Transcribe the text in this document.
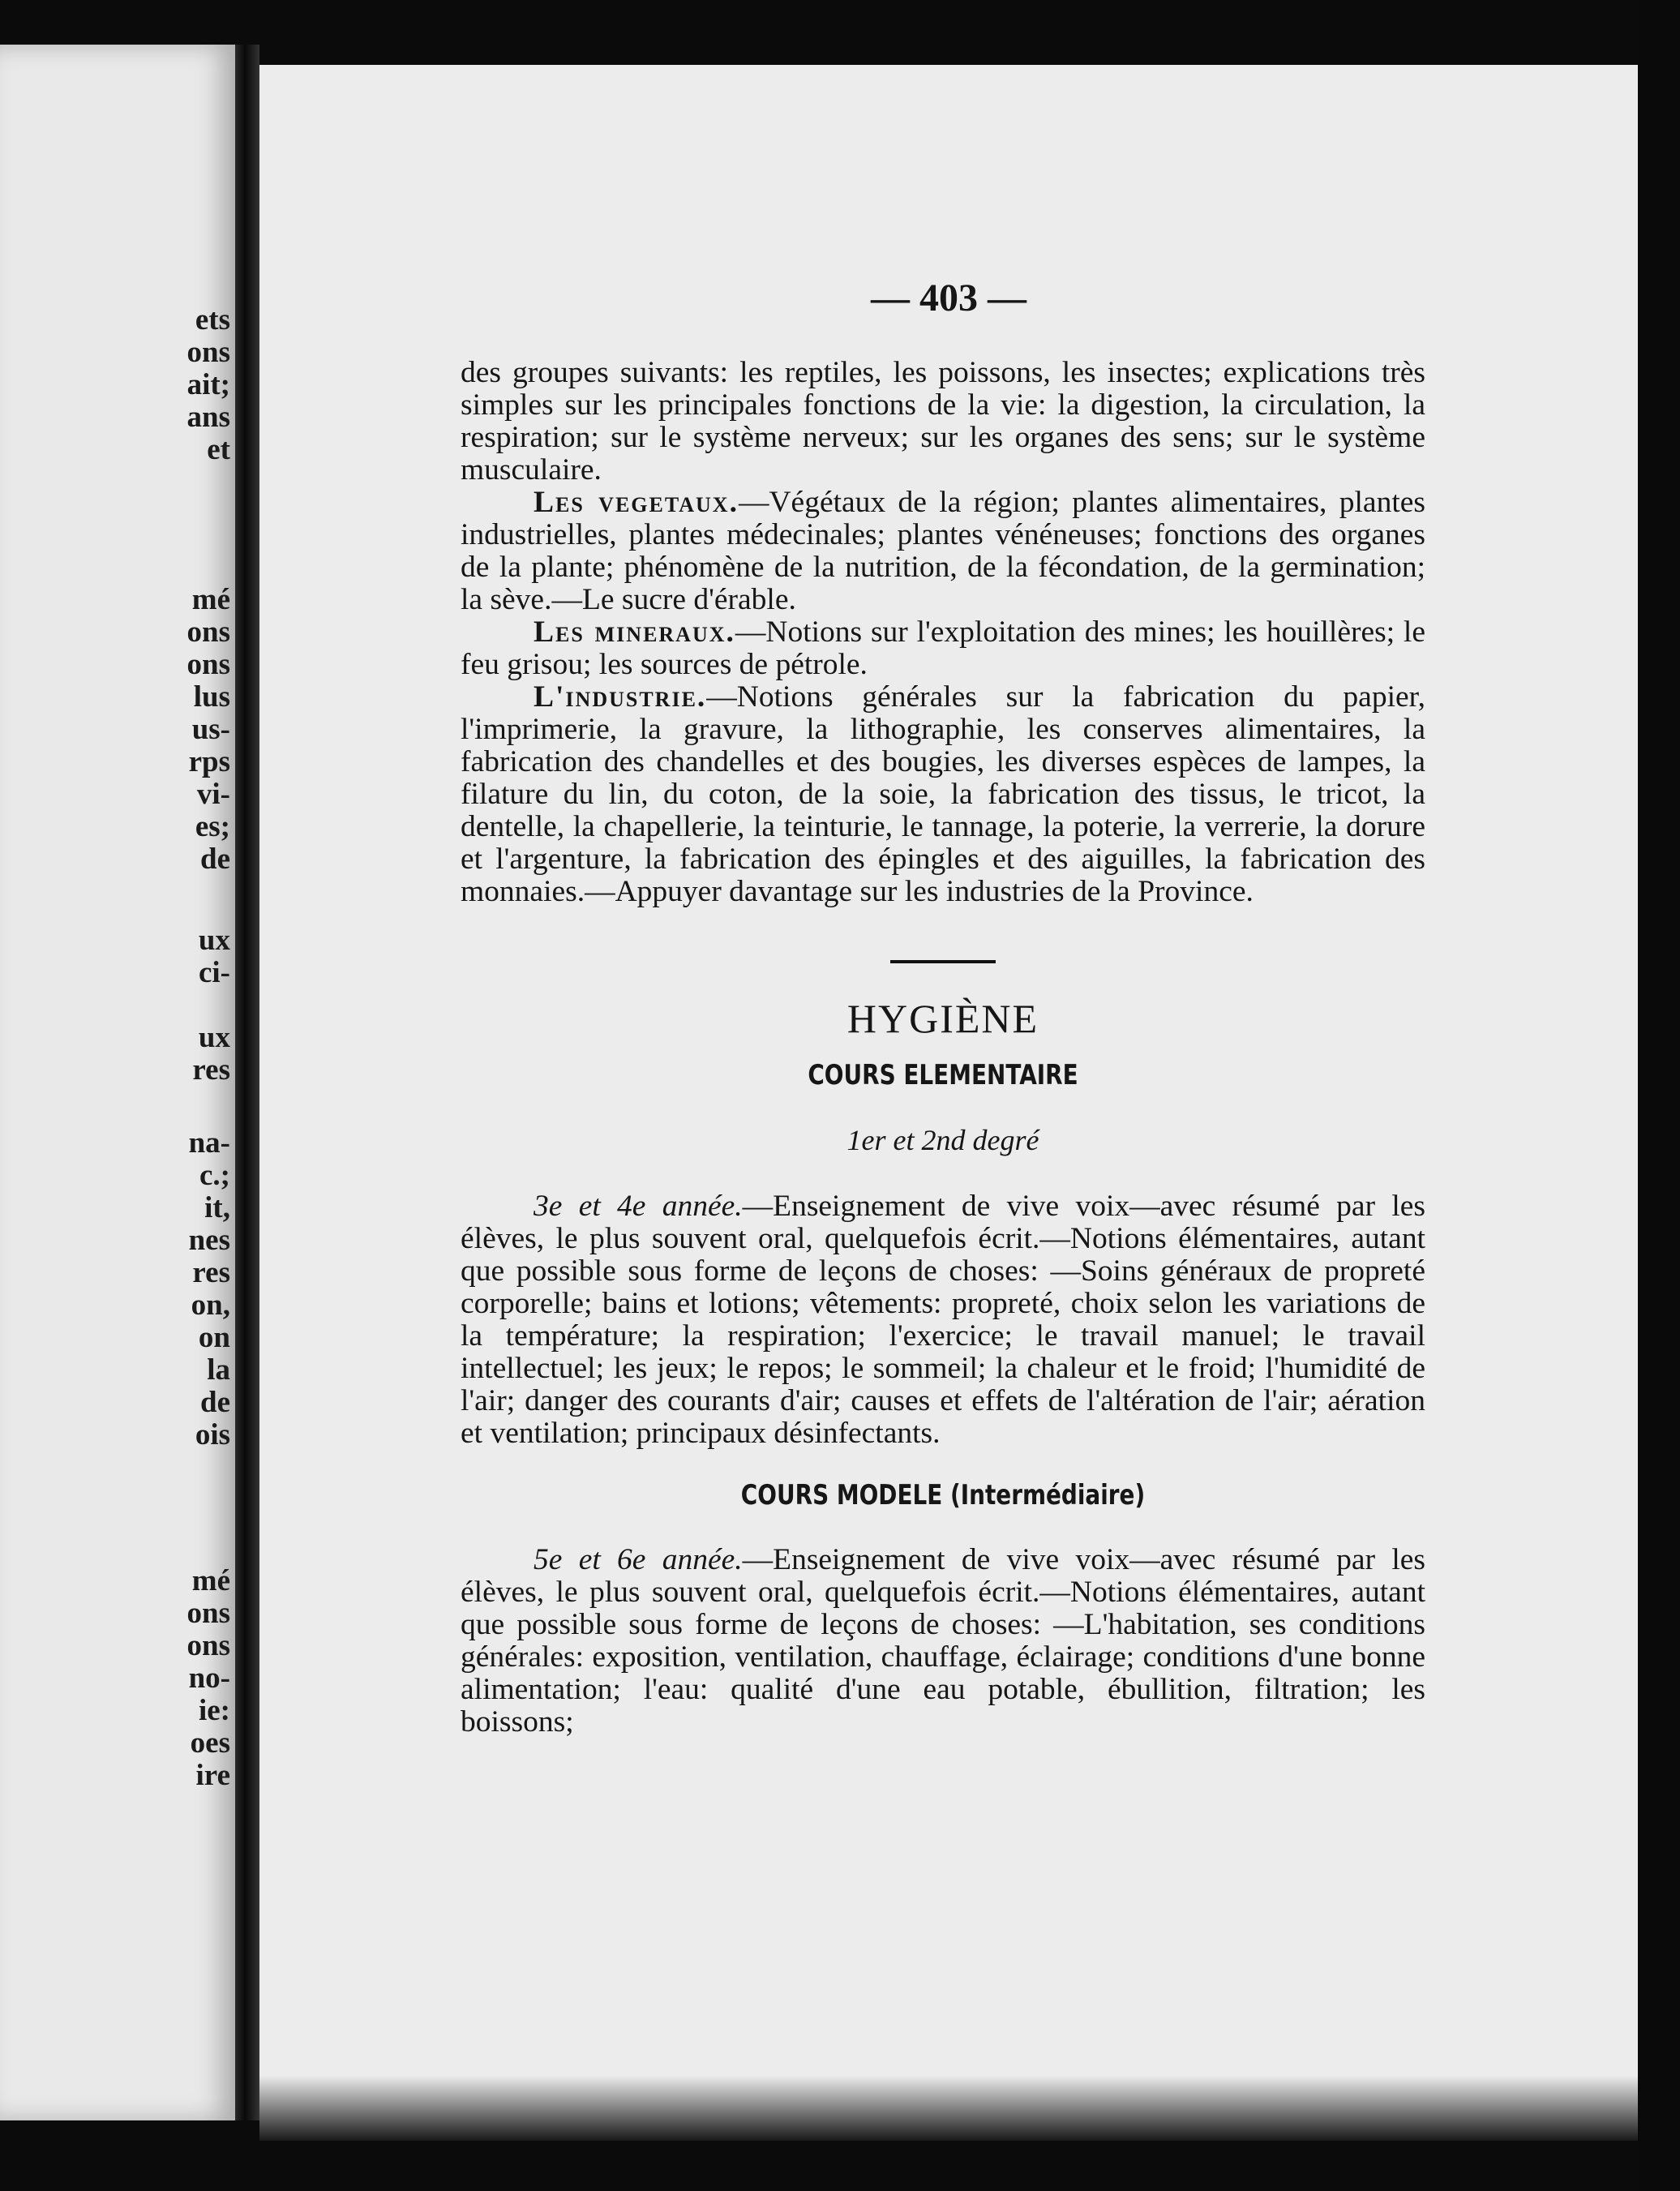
ets
ons
ait;
ans
et
mé
ons
ons
lus
us-
rps
vi-
es;
de
ux
ci-
ux
res
na-
c.;
it,
nes
res
on,
on
la
de
ois
mé
ons
ons
no-
ie:
oes
ire
— 403 —

des groupes suivants: les reptiles, les poissons, les insectes; explications très simples sur les principales fonctions de la vie: la digestion, la circulation, la respiration; sur le système nerveux; sur les organes des sens; sur le système musculaire.

Les vegetaux.—Végétaux de la région; plantes alimentaires, plantes industrielles, plantes médecinales; plantes vénéneuses; fonctions des organes de la plante; phénomène de la nutrition, de la fécondation, de la germination; la sève.—Le sucre d'érable.

Les mineraux.—Notions sur l'exploitation des mines; les houillères; le feu grisou; les sources de pétrole.

L'industrie.—Notions générales sur la fabrication du papier, l'imprimerie, la gravure, la lithographie, les conserves alimentaires, la fabrication des chandelles et des bougies, les diverses espèces de lampes, la filature du lin, du coton, de la soie, la fabrication des tissus, le tricot, la dentelle, la chapellerie, la teinturie, le tannage, la poterie, la verrerie, la dorure et l'argenture, la fabrication des épingles et des aiguilles, la fabrication des monnaies.—Appuyer davantage sur les industries de la Province.

HYGIÈNE
COURS ELEMENTAIRE
1er et 2nd degré

3e et 4e année.—Enseignement de vive voix—avec résumé par les élèves, le plus souvent oral, quelquefois écrit.—Notions élémentaires, autant que possible sous forme de leçons de choses: —Soins généraux de propreté corporelle; bains et lotions; vêtements: propreté, choix selon les variations de la température; la respiration; l'exercice; le travail manuel; le travail intellectuel; les jeux; le repos; le sommeil; la chaleur et le froid; l'humidité de l'air; danger des courants d'air; causes et effets de l'altération de l'air; aération et ventilation; principaux désinfectants.

COURS MODELE (Intermédiaire)

5e et 6e année.—Enseignement de vive voix—avec résumé par les élèves, le plus souvent oral, quelquefois écrit.—Notions élémentaires, autant que possible sous forme de leçons de choses: —L'habitation, ses conditions générales: exposition, ventilation, chauffage, éclairage; conditions d'une bonne alimentation; l'eau: qualité d'une eau potable, ébullition, filtration; les boissons;
